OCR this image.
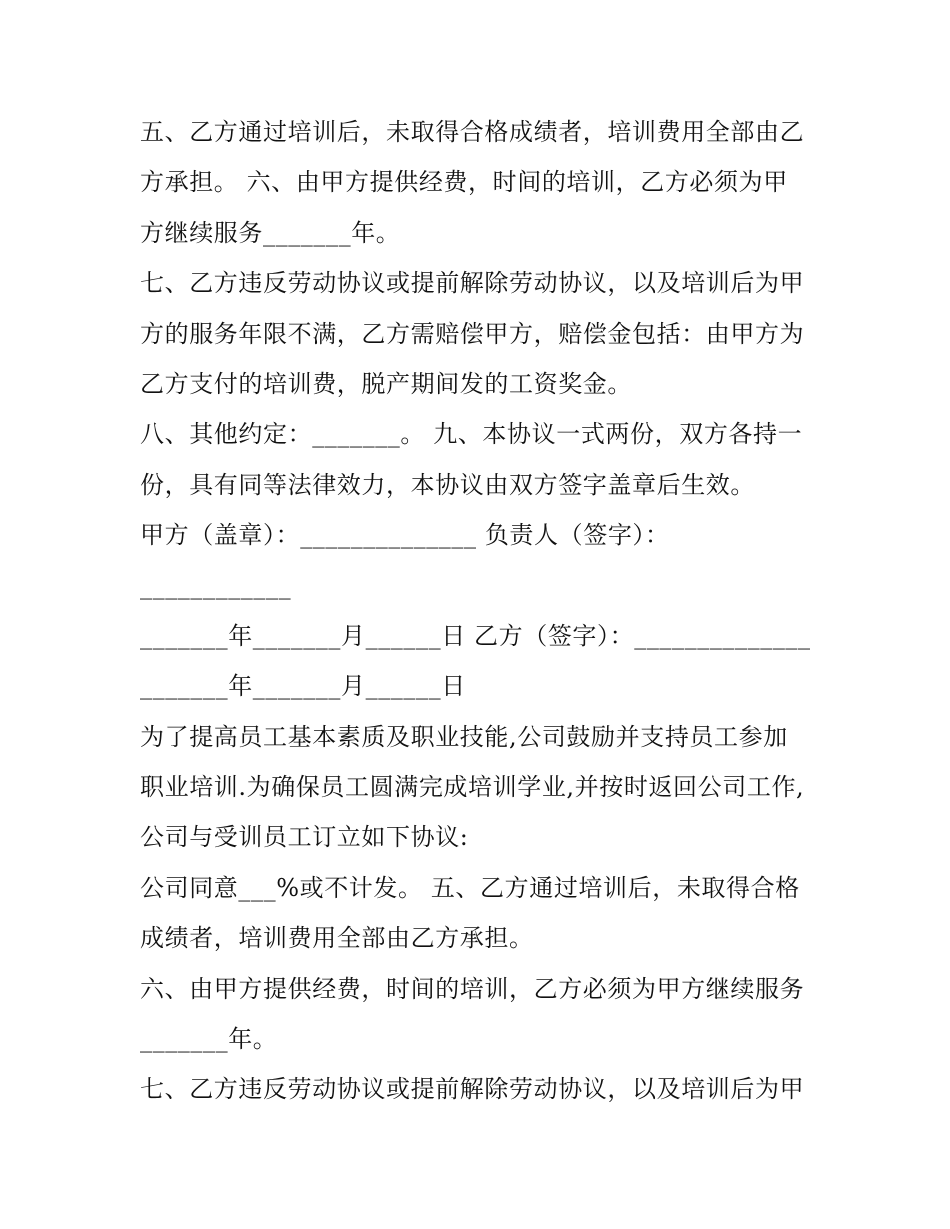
五、乙方通过培训后，未取得合格成绩者，培训费用全部由乙
方承担。 六、由甲方提供经费，时间的培训，乙方必须为甲
方继续服务_______年。
七、乙方违反劳动协议或提前解除劳动协议，以及培训后为甲
方的服务年限不满，乙方需赔偿甲方，赔偿金包括：由甲方为
乙方支付的培训费，脱产期间发的工资奖金。
八、其他约定：_______。 九、本协议一式两份，双方各持一
份，具有同等法律效力，本协议由双方签字盖章后生效。
甲方（盖章）：______________ 负责人（签字）：
____________
_______年_______月______日 乙方（签字）：______________
_______年_______月______日
为了提高员工基本素质及职业技能,公司鼓励并支持员工参加
职业培训.为确保员工圆满完成培训学业,并按时返回公司工作,
公司与受训员工订立如下协议:
公司同意___%或不计发。 五、乙方通过培训后，未取得合格
成绩者，培训费用全部由乙方承担。
六、由甲方提供经费，时间的培训，乙方必须为甲方继续服务
_______年。
七、乙方违反劳动协议或提前解除劳动协议，以及培训后为甲
